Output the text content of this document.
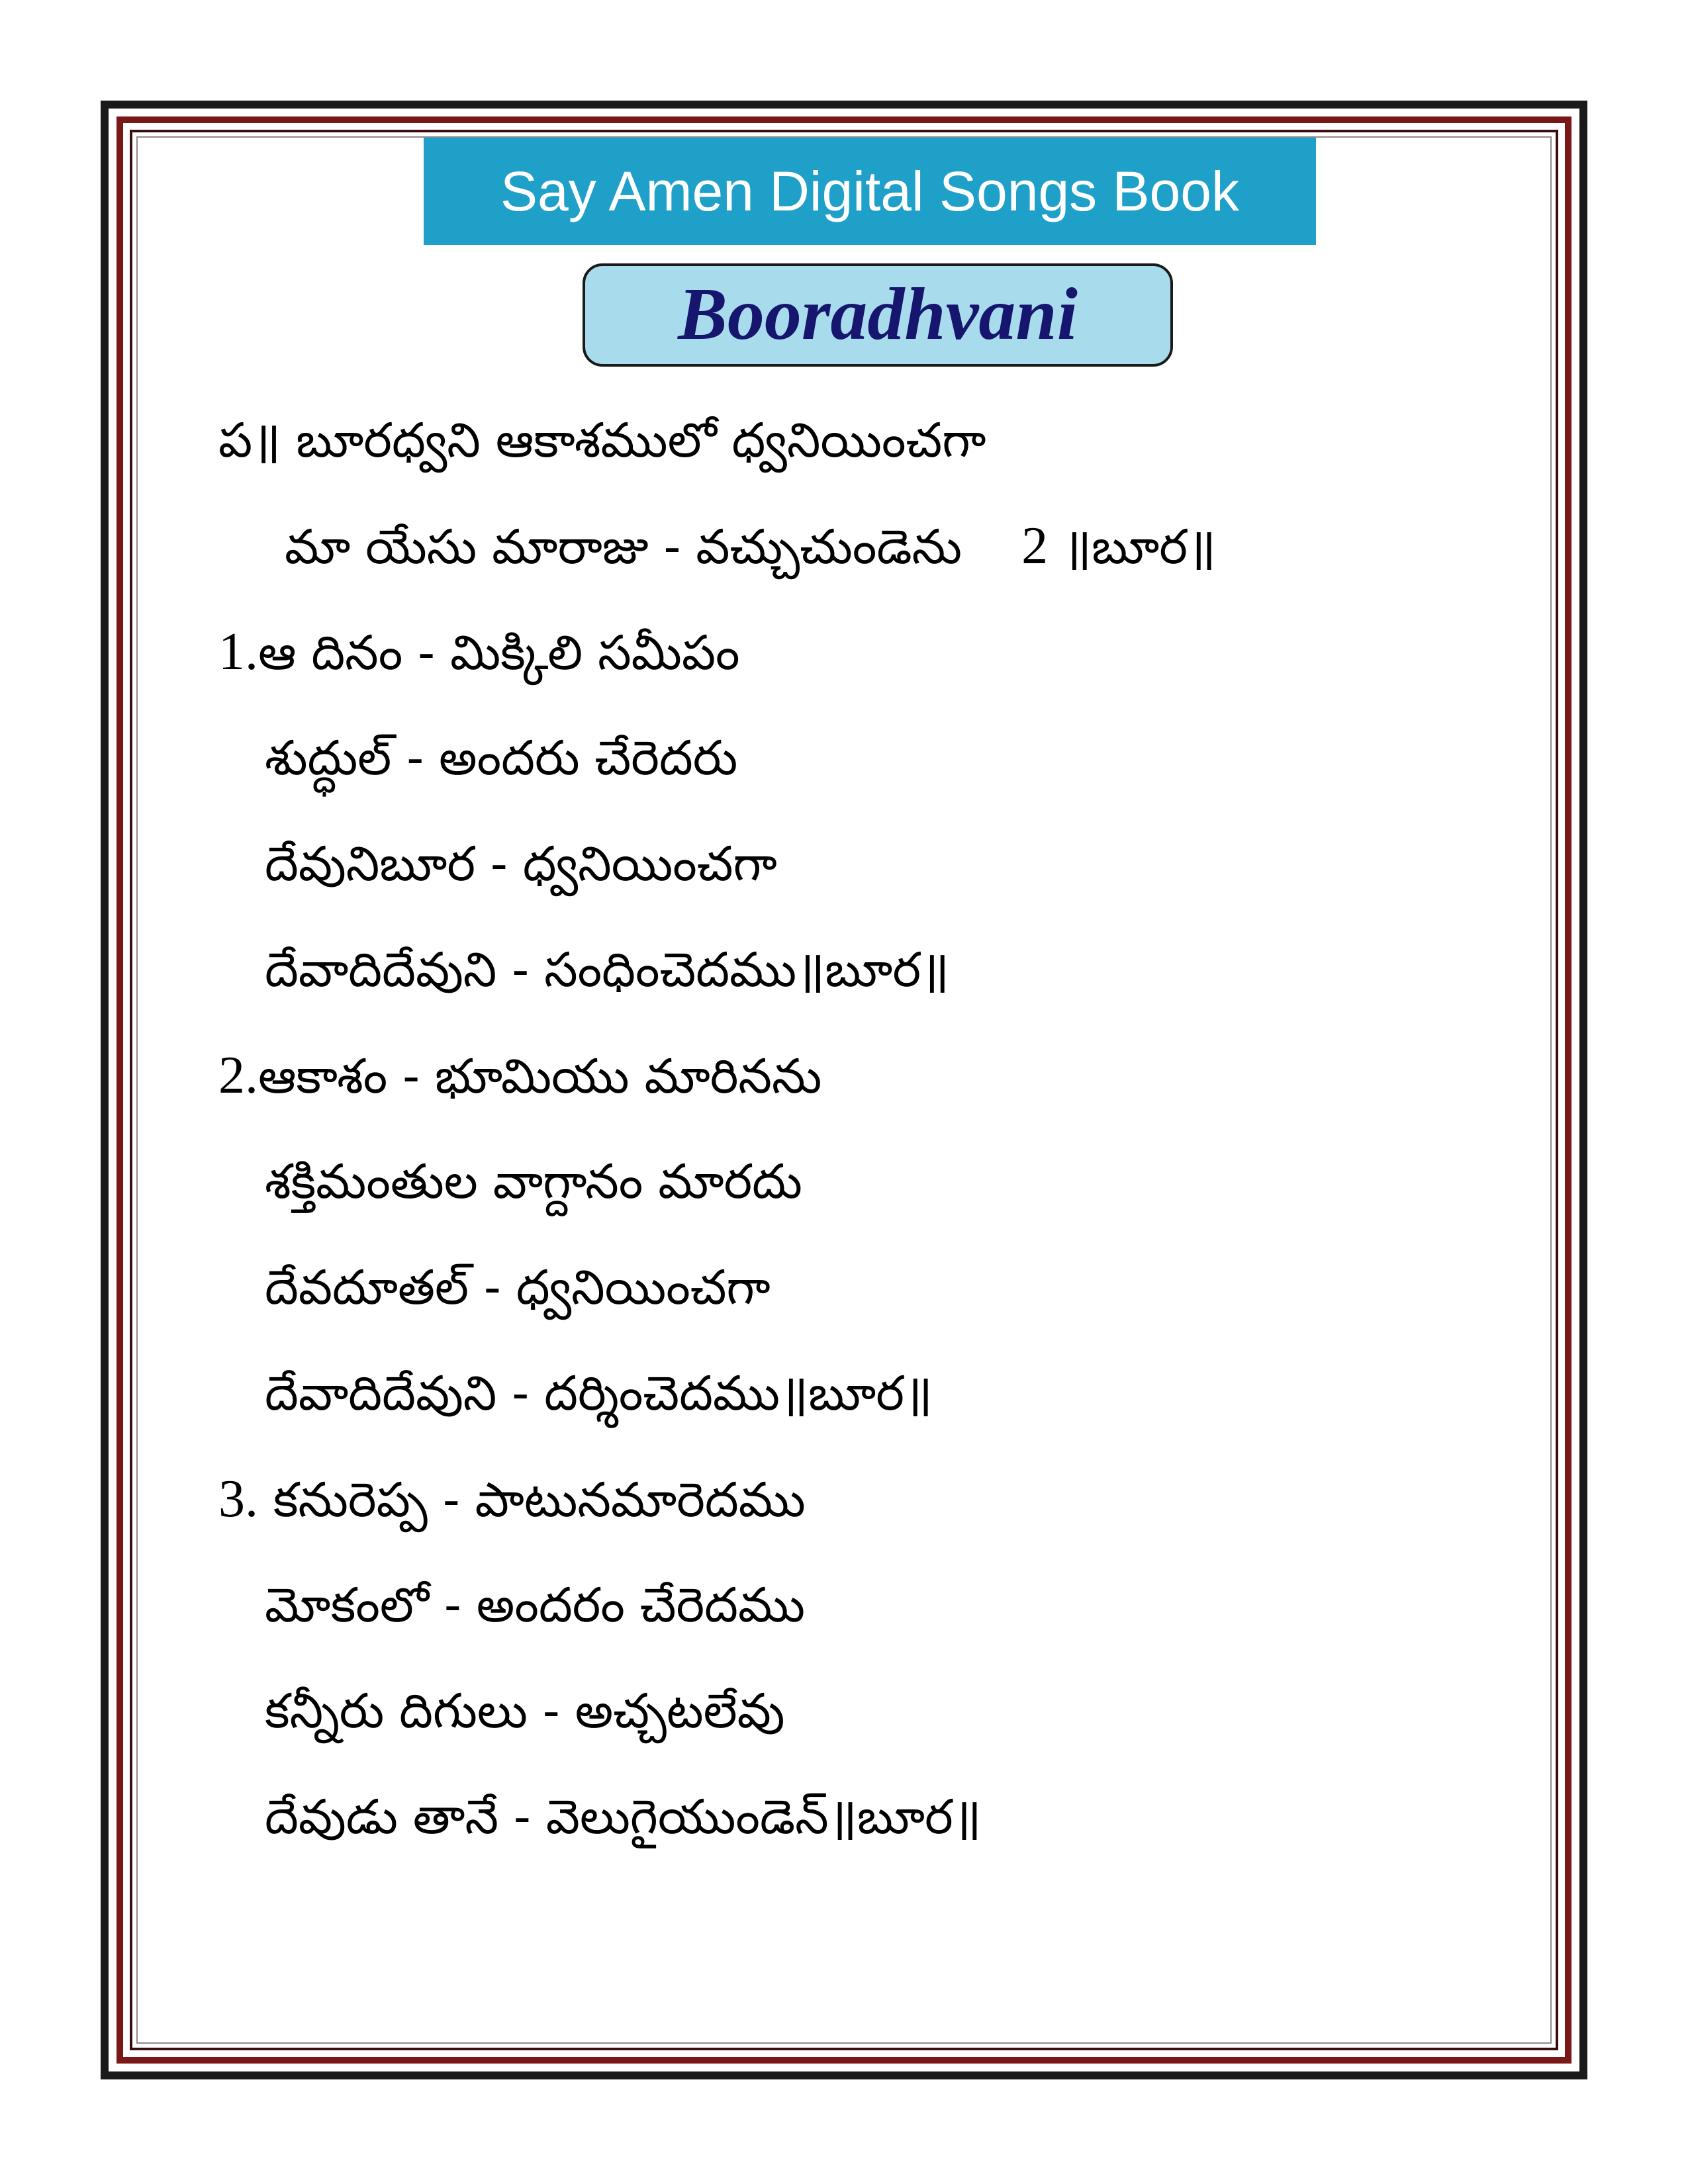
Say Amen Digital Songs Book
Booradhvani
ప॥ బూరధ్వని ఆకాశములో ధ్వనియించగా
మా యేసు మారాజు - వచ్చుచుండెను 2 ॥బూర॥
1.ఆ దినం - మిక్కిలి సమీపం
శుద్ధుల్ - అందరు చేరెదరు
దేవునిబూర - ధ్వనియించగా
దేవాదిదేవుని - సంధించెదము॥బూర॥
2.ఆకాశం - భూమియు మారినను
శక్తిమంతుల వాగ్దానం మారదు
దేవదూతల్ - ధ్వనియించగా
దేవాదిదేవుని - దర్శించెదము॥బూర॥
3. కనురెప్ప - పాటునమారెదము
మోకంలో - అందరం చేరెదము
కన్నీరు దిగులు - అచ్చటలేవు
దేవుడు తానే - వెలుగైయుండెన్॥బూర॥
